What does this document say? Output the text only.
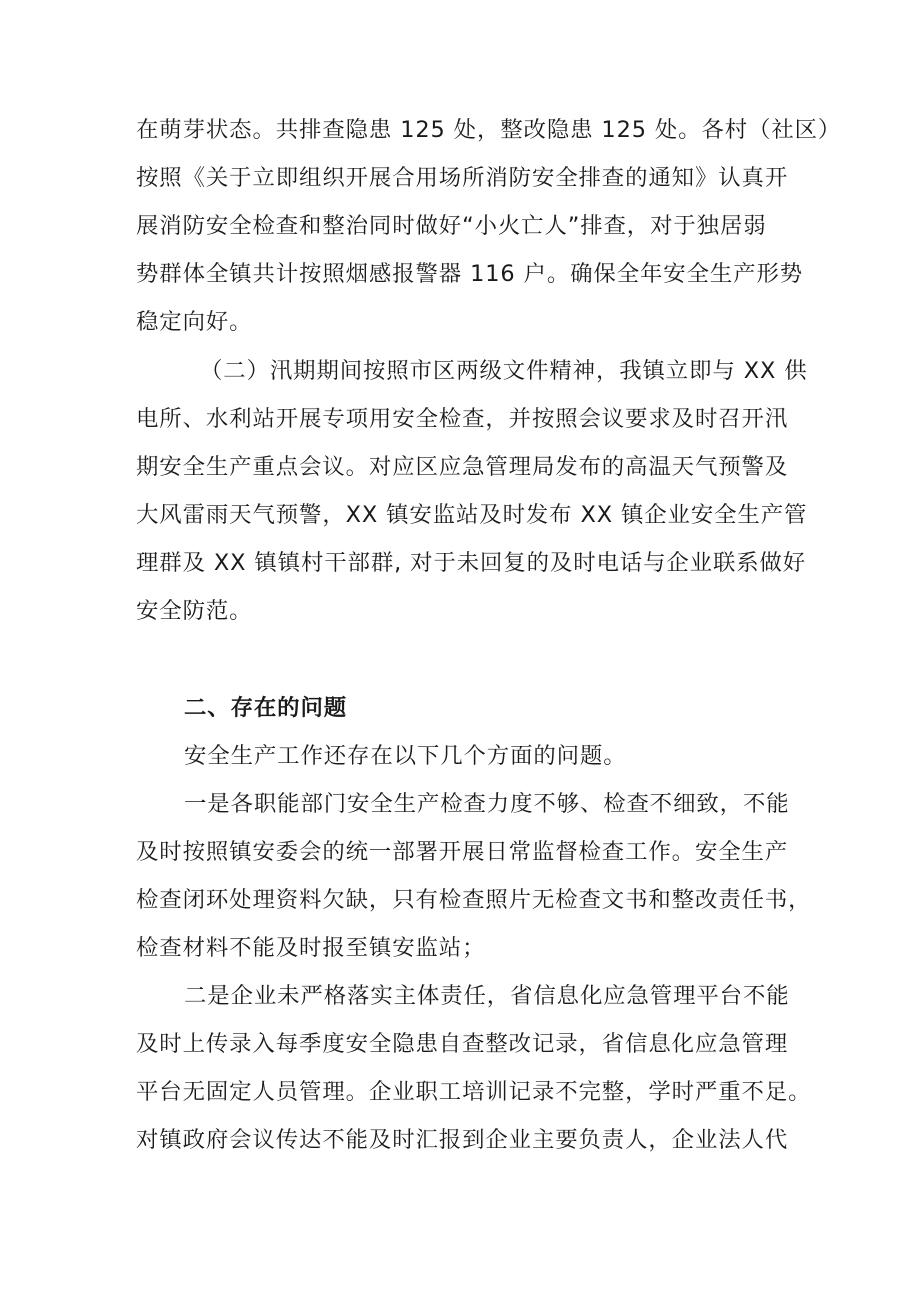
在萌芽状态。共排查隐患 125 处，整改隐患 125 处。各村（社区）
按照《关于立即组织开展合用场所消防安全排查的通知》认真开
展消防安全检查和整治同时做好“小火亡人”排查，对于独居弱
势群体全镇共计按照烟感报警器 116 户。确保全年安全生产形势
稳定向好。
（二）汛期期间按照市区两级文件精神，我镇立即与 XX 供
电所、水利站开展专项用安全检查，并按照会议要求及时召开汛
期安全生产重点会议。对应区应急管理局发布的高温天气预警及
大风雷雨天气预警，XX 镇安监站及时发布 XX 镇企业安全生产管
理群及 XX 镇镇村干部群, 对于未回复的及时电话与企业联系做好
安全防范。
二、存在的问题
安全生产工作还存在以下几个方面的问题。
一是各职能部门安全生产检查力度不够、检查不细致，不能
及时按照镇安委会的统一部署开展日常监督检查工作。安全生产
检查闭环处理资料欠缺，只有检查照片无检查文书和整改责任书，
检查材料不能及时报至镇安监站；
二是企业未严格落实主体责任，省信息化应急管理平台不能
及时上传录入每季度安全隐患自查整改记录，省信息化应急管理
平台无固定人员管理。企业职工培训记录不完整，学时严重不足。
对镇政府会议传达不能及时汇报到企业主要负责人，企业法人代
